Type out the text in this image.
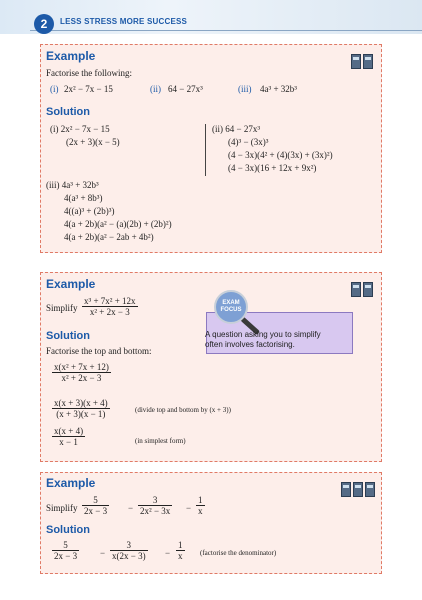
2	LESS STRESS MORE SUCCESS
Example
Factorise the following:
(i) 2x² − 7x − 15	(ii) 64 − 27x³	(iii) 4a³ + 32b³
Solution
(i) 2x² − 7x − 15
(2x + 3)(x − 5)
(ii) 64 − 27x³
(4)³ − (3x)³
(4 − 3x)(4² + (4)(3x) + (3x)²)
(4 − 3x)(16 + 12x + 9x²)
(iii) 4a³ + 32b³
4(a³ + 8b³)
4((a)³ + (2b)³)
4(a + 2b)(a² − (a)(2b) + (2b)²)
4(a + 2b)(a² − 2ab + 4b²)
Example
Simplify $\frac{\text{x³ + 7x² + 12x}}{\text{x² + 2x − 3}}$	EXAM
FOCUS
A question asking you to simplify
often involves factorising.
Solution
Factorise the top and bottom:
$\frac{\text{x(x² + 7x + 12)}}{\text{x² + 2x − 3}}$
$\frac{x(x + 3)(x + 4)}{(x + 3)(x - 1)}$	(divide top and bottom by (x + 3))
$\frac{x(x + 4)}{x - 1}$	(in simplest form)
Example
Simplify $\frac{5}{2x - 3} - \frac{3}{\text{2x² − 3x}} - \frac{1}{x}$
Solution
$\frac{5}{2x - 3} - \frac{3}{x(2x - 3)} - \frac{1}{x}$ (factorise the denominator)
